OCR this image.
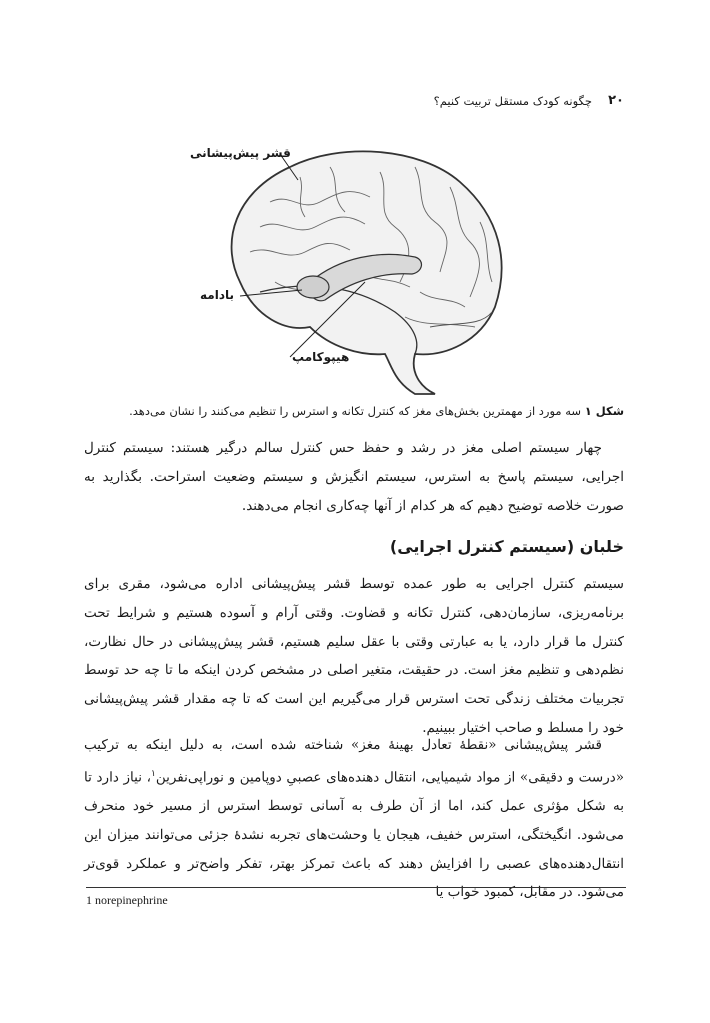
۲۰
چگونه کودک مستقل تربیت کنیم؟
قشر پیش‌پیشانی
بادامه
هیپوکامپ
شکل ۱ سه مورد از مهمترین بخش‌های مغز که کنترل تکانه و استرس را تنظیم می‌کنند را نشان می‌دهد.

چهار سیستم اصلی مغز در رشد و حفظ حس کنترل سالم درگیر هستند: سیستم کنترل اجرایی، سیستم پاسخ به استرس، سیستم انگیزش و سیستم وضعیت استراحت. بگذارید به صورت خلاصه توضیح دهیم که هر کدام از آنها چه‌کاری انجام می‌دهند.

خلبان (سیستم کنترل اجرایی)

سیستم کنترل اجرایی به طور عمده توسط قشر پیش‌پیشانی اداره می‌شود، مقری برای برنامه‌ریزی، سازمان‌دهی، کنترل تکانه و قضاوت. وقتی آرام و آسوده هستیم و شرایط تحت کنترل ما قرار دارد، یا به عبارتی وقتی با عقل سلیم هستیم، قشر پیش‌پیشانی در حال نظارت، نظم‌دهی و تنظیم مغز است. در حقیقت، متغیر اصلی در مشخص کردن اینکه ما تا چه حد توسط تجربیات مختلف زندگی تحت استرس قرار می‌گیریم این است که تا چه مقدار قشر پیش‌پیشانی خود را مسلط و صاحب اختیار ببینیم.

قشر پیش‌پیشانی «نقطهٔ تعادل بهینهٔ مغز» شناخته شده است، به دلیل اینکه به ترکیب «درست و دقیقی» از مواد شیمیایی، انتقال دهنده‌های عصبیِ دوپامین و نوراپی‌نفرین$^۱$، نیاز دارد تا به شکل مؤثری عمل کند، اما از آن طرف به آسانی توسط استرس از مسیر خود منحرف می‌شود. انگیختگی، استرس خفیف، هیجان یا وحشت‌های تجربه نشدهٔ جزئی می‌توانند میزان این انتقال‌دهنده‌های عصبی را افزایش دهند که باعث تمرکز بهتر، تفکر واضح‌تر و عملکرد قوی‌تر می‌شود. در مقابل، کمبود خواب یا

1 norepinephrine
